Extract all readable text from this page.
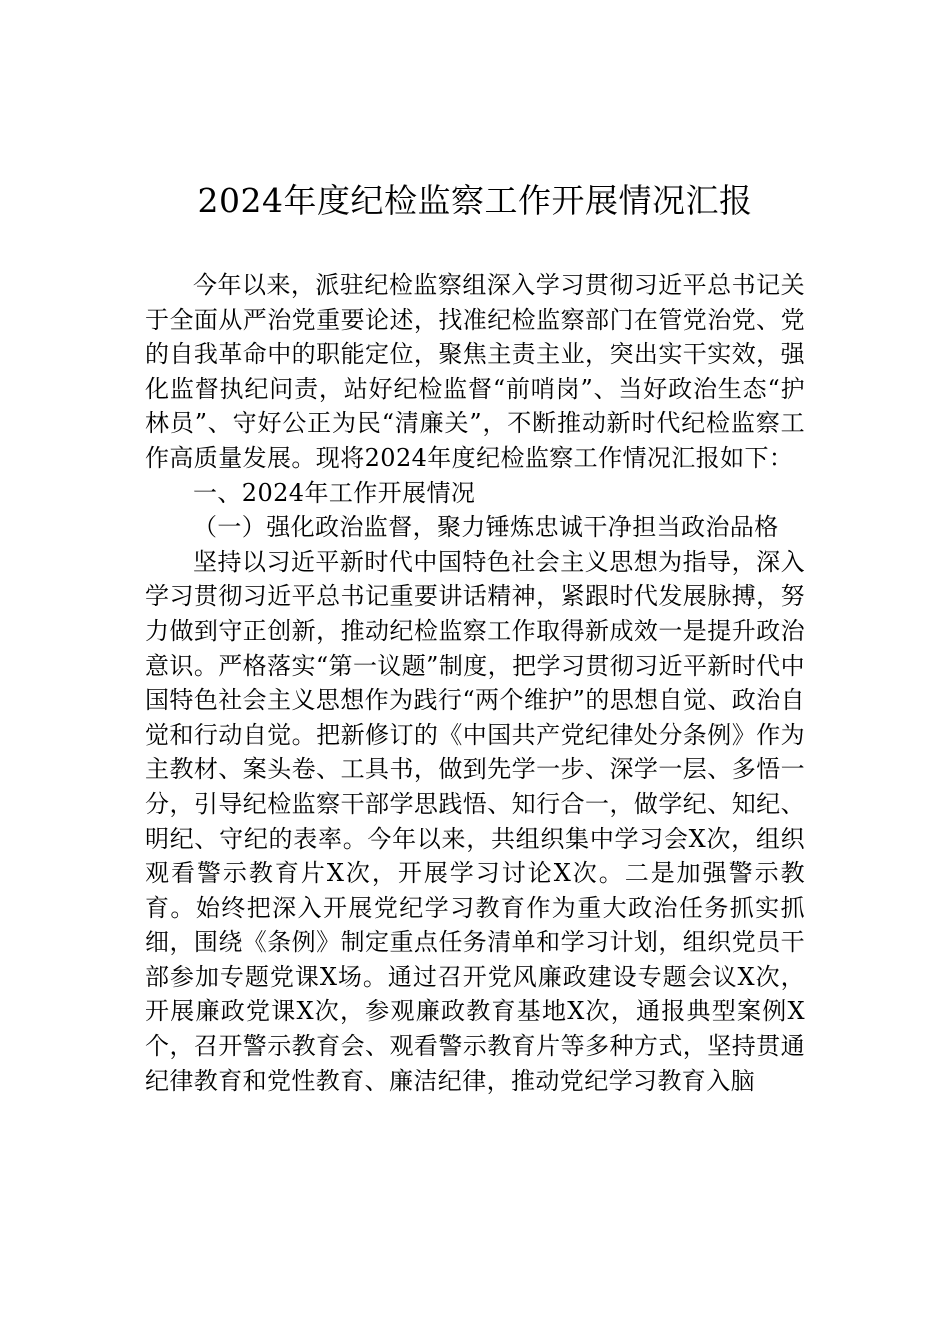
2024年度纪检监察工作开展情况汇报

今年以来，派驻纪检监察组深入学习贯彻习近平总书记关于全面从严治党重要论述，找准纪检监察部门在管党治党、党的自我革命中的职能定位，聚焦主责主业，突出实干实效，强化监督执纪问责，站好纪检监督“前哨岗”、当好政治生态“护林员”、守好公正为民“清廉关”，不断推动新时代纪检监察工作高质量发展。现将2024年度纪检监察工作情况汇报如下：

一、2024年工作开展情况

（一）强化政治监督，聚力锤炼忠诚干净担当政治品格

坚持以习近平新时代中国特色社会主义思想为指导，深入学习贯彻习近平总书记重要讲话精神，紧跟时代发展脉搏，努力做到守正创新，推动纪检监察工作取得新成效一是提升政治意识。严格落实“第一议题”制度，把学习贯彻习近平新时代中国特色社会主义思想作为践行“两个维护”的思想自觉、政治自觉和行动自觉。把新修订的《中国共产党纪律处分条例》作为主教材、案头卷、工具书，做到先学一步、深学一层、多悟一分，引导纪检监察干部学思践悟、知行合一，做学纪、知纪、明纪、守纪的表率。今年以来，共组织集中学习会X次，组织观看警示教育片X次，开展学习讨论X次。二是加强警示教育。始终把深入开展党纪学习教育作为重大政治任务抓实抓细，围绕《条例》制定重点任务清单和学习计划，组织党员干部参加专题党课X场。通过召开党风廉政建设专题会议X次，开展廉政党课X次，参观廉政教育基地X次，通报典型案例X个，召开警示教育会、观看警示教育片等多种方式，坚持贯通纪律教育和党性教育、廉洁纪律，推动党纪学习教育入脑
